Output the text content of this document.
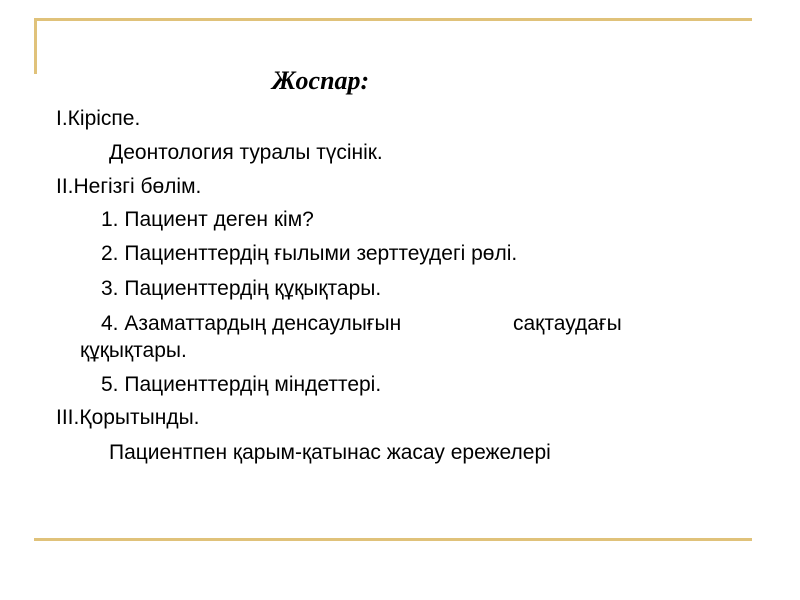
Жоспар:
I.Кіріспе.
Деонтология туралы түсінік.
II.Негізгі бөлім.
1. Пациент деген кім?
2. Пациенттердің ғылыми зерттеудегі рөлі.
3. Пациенттердің құқықтары.
4. Азаматтардың денсаулығын	сақтаудағы
құқықтары.
5. Пациенттердің міндеттері.
III.Қорытынды.
Пациентпен қарым-қатынас жасау ережелері
